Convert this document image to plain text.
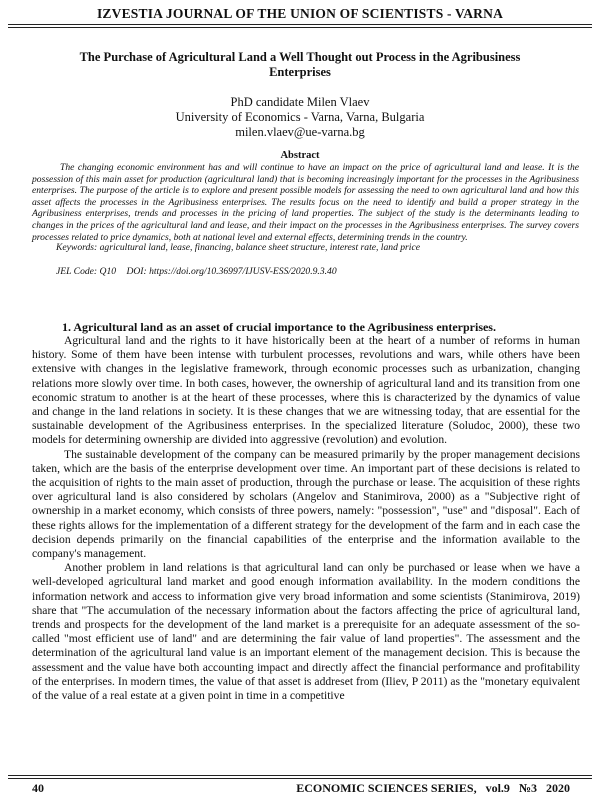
IZVESTIA JOURNAL OF THE UNION OF SCIENTISTS - VARNA
The Purchase of Agricultural Land a Well Thought out Process in the Agribusiness Enterprises
PhD candidate Milen Vlaev
University of Economics - Varna, Varna, Bulgaria
milen.vlaev@ue-varna.bg
Abstract
The changing economic environment has and will continue to have an impact on the price of agricultural land and lease. It is the possession of this main asset for production (agricultural land) that is becoming increasingly important for the processes in the Agribusiness enterprises. The purpose of the article is to explore and present possible models for assessing the need to own agricultural land and how this asset affects the processes in the Agribusiness enterprises. The results focus on the need to identify and build a proper strategy in the Agribusiness enterprises, trends and processes in the pricing of land properties. The subject of the study is the determinants leading to changes in the prices of the agricultural land and lease, and their impact on the processes in the Agribusiness enterprises. The survey covers processes related to price dynamics, both at national level and external effects, determining trends in the country.
Keywords: agricultural land, lease, financing, balance sheet structure, interest rate, land price
JEL Code: Q10 DOI: https://doi.org/10.36997/IJUSV-ESS/2020.9.3.40
1. Agricultural land as an asset of crucial importance to the Agribusiness enterprises.

Agricultural land and the rights to it have historically been at the heart of a number of reforms in human history. Some of them have been intense with turbulent processes, revolutions and wars, while others have been extensive with changes in the legislative framework, through economic processes such as urbanization, changing relations more slowly over time. In both cases, however, the ownership of agricultural land and its transition from one economic stratum to another is at the heart of these processes, where this is characterized by the dynamics of value and change in the land relations in society. It is these changes that we are witnessing today, that are essential for the sustainable development of the Agribusiness enterprises. In the specialized literature (Soludoc, 2000), these two models for determining ownership are divided into aggressive (revolution) and evolution.

The sustainable development of the company can be measured primarily by the proper management decisions taken, which are the basis of the enterprise development over time. An important part of these decisions is related to the acquisition of rights to the main asset of production, through the purchase or lease. The acquisition of these rights over agricultural land is also considered by scholars (Angelov and Stanimirova, 2000) as a "Subjective right of ownership in a market economy, which consists of three powers, namely: "possession", "use" and "disposal". Each of these rights allows for the implementation of a different strategy for the development of the farm and in each case the decision depends primarily on the financial capabilities of the enterprise and the information available to the company's management.

Another problem in land relations is that agricultural land can only be purchased or lease when we have a well-developed agricultural land market and good enough information availability. In the modern conditions the information network and access to information give very broad information and some scientists (Stanimirova, 2019) share that "The accumulation of the necessary information about the factors affecting the price of agricultural land, trends and prospects for the development of the land market is a prerequisite for an adequate assessment of the so-called "most efficient use of land" and are determining the fair value of land properties". The assessment and the determination of the agricultural land value is an important element of the management decision. This is because the assessment and the value have both accounting impact and directly affect the financial performance and profitability of the enterprises. In modern times, the value of that asset is addreset from (Iliev, P 2011) as the "monetary equivalent of the value of a real estate at a given point in time in a competitive

40	ECONOMIC SCIENCES SERIES, vol.9 №3 2020
